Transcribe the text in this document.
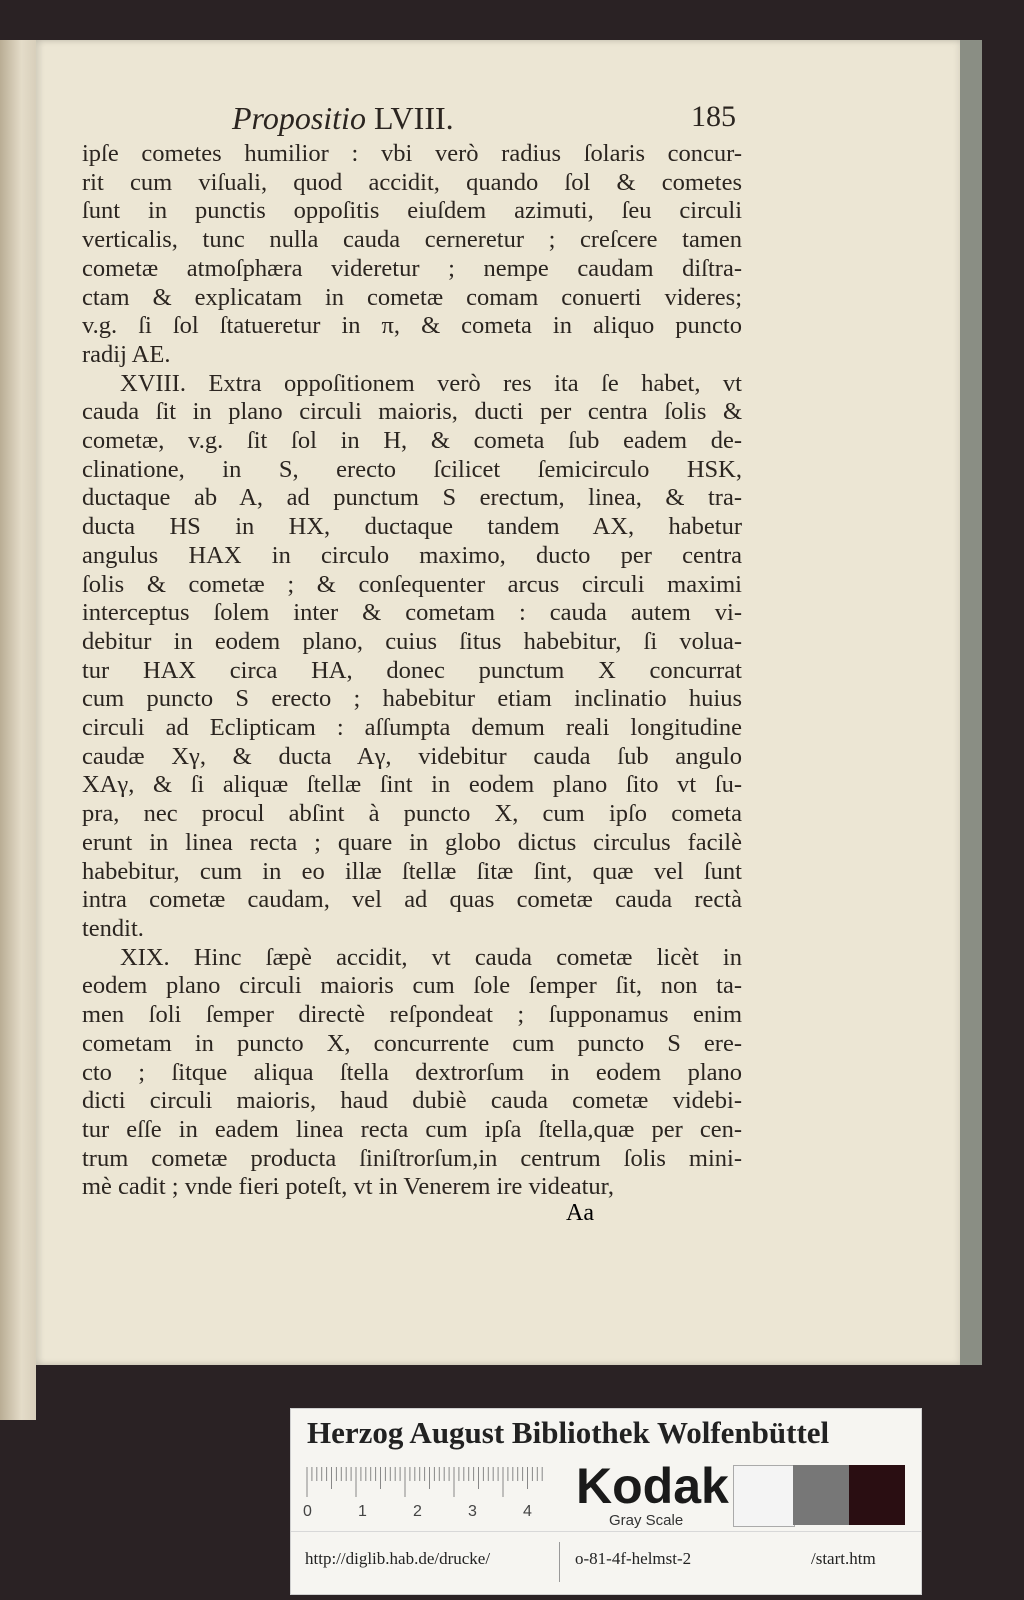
Propositio LVIII.	185
ipſe cometes humilior : vbi verò radius ſolaris concur-
rit cum viſuali, quod accidit, quando ſol & cometes
ſunt in punctis oppoſitis eiuſdem azimuti, ſeu circuli
verticalis, tunc nulla cauda cerneretur ; creſcere tamen
cometæ atmoſphæra videretur ; nempe caudam diſtra-
ctam & explicatam in cometæ comam conuerti videres;
v.g. ſi ſol ſtatueretur in π, & cometa in aliquo puncto
radij AE.
XVIII. Extra oppoſitionem verò res ita ſe habet, vt
cauda ſit in plano circuli maioris, ducti per centra ſolis &
cometæ, v.g. ſit ſol in H, & cometa ſub eadem de-
clinatione, in S, erecto ſcilicet ſemicirculo HSK,
ductaque ab A, ad punctum S erectum, linea, & tra-
ducta HS in HX, ductaque tandem AX, habetur
angulus HAX in circulo maximo, ducto per centra
ſolis & cometæ ; & conſequenter arcus circuli maximi
interceptus ſolem inter & cometam : cauda autem vi-
debitur in eodem plano, cuius ſitus habebitur, ſi volua-
tur HAX circa HA, donec punctum X concurrat
cum puncto S erecto ; habebitur etiam inclinatio huius
circuli ad Eclipticam : aſſumpta demum reali longitudine
caudæ Xγ, & ducta Aγ, videbitur cauda ſub angulo
XAγ, & ſi aliquæ ſtellæ ſint in eodem plano ſito vt ſu-
pra, nec procul abſint à puncto X, cum ipſo cometa
erunt in linea recta ; quare in globo dictus circulus facilè
habebitur, cum in eo illæ ſtellæ ſitæ ſint, quæ vel ſunt
intra cometæ caudam, vel ad quas cometæ cauda rectà
tendit.
XIX. Hinc ſæpè accidit, vt cauda cometæ licèt in
eodem plano circuli maioris cum ſole ſemper ſit, non ta-
men ſoli ſemper directè reſpondeat ; ſupponamus enim
cometam in puncto X, concurrente cum puncto S ere-
cto ; ſitque aliqua ſtella dextrorſum in eodem plano
dicti circuli maioris, haud dubiè cauda cometæ videbi-
tur eſſe in eadem linea recta cum ipſa ſtella,quæ per cen-
trum cometæ producta ſiniſtrorſum,in centrum ſolis mini-
mè cadit ; vnde fieri poteſt, vt in Venerem ire videatur,
Aa
Herzog August Bibliothek Wolfenbüttel
0	1	2	3	4 Kodak
Gray Scale
http://diglib.hab.de/drucke/	o-81-4f-helmst-2	/start.htm
